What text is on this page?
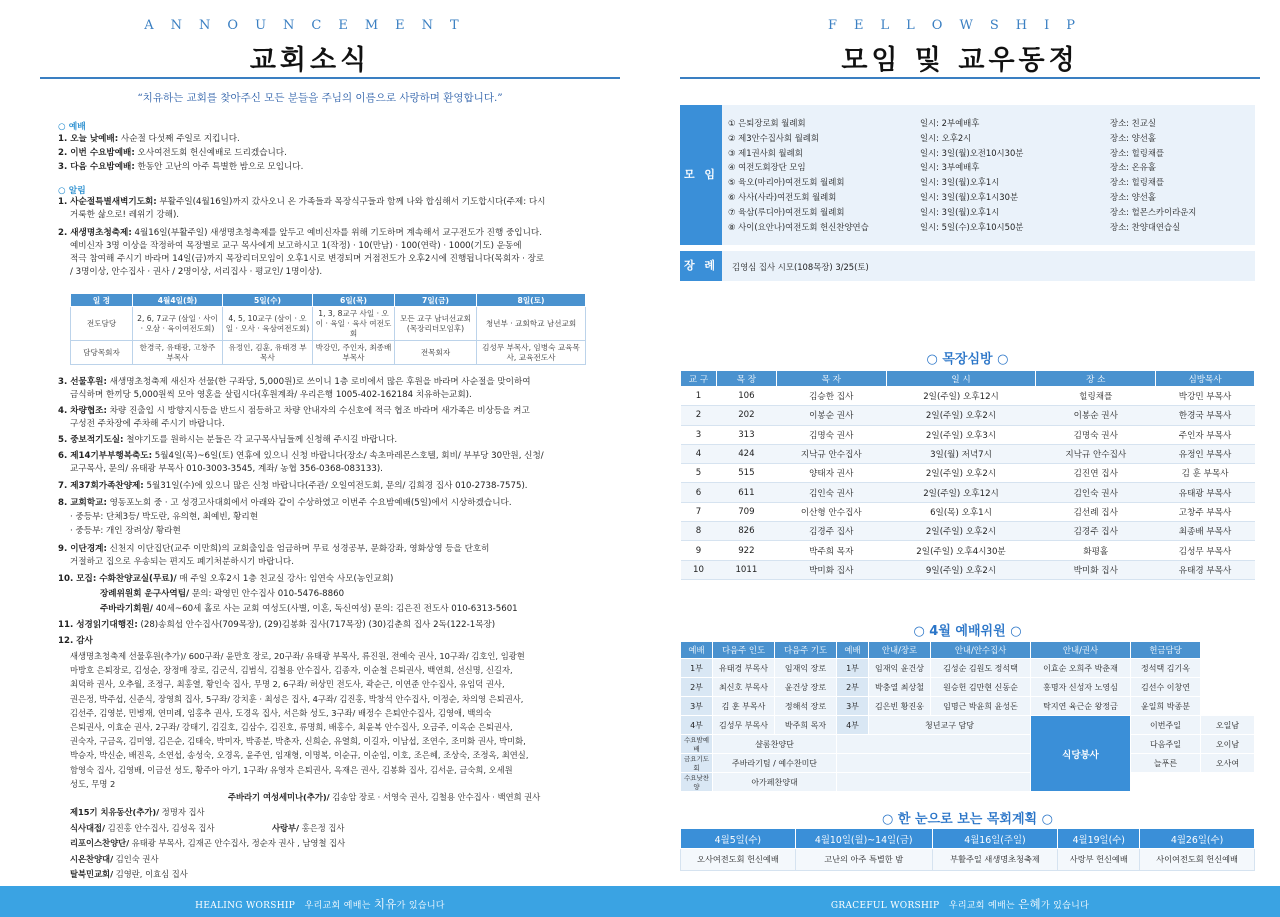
ANNOUNCEMENT
교회소식
“치유하는 교회를 찾아주신 모든 분들을 주님의 이름으로 사랑하며 환영합니다.”
○ 예배
1. 오늘 낮예배: 사순절 다섯째 주일로 지킵니다.
2. 이번 수요밤예배: 오사여전도회 헌신예배로 드리겠습니다.
3. 다음 수요밤예배: 한동안 고난의 아주 특별한 밤으로 모입니다.
○ 알림
1. 사순절특별새벽기도회: 부활주일(4월16일)까지 갔사오니 온 가족들과 목장식구들과 함께 나와 합심해서 기도합시다(주제: 다시
거룩한 삶으로! 레위기 강해).
2. 새생명초청축제: 4월16일(부활주일) 새생명초청축제를 앞두고 예비신자를 위해 기도하며 계속해서 교구전도가 진행 중입니다.
예비신자 3명 이상을 작정하여 목장별로 교구 목사에게 보고하시고 1(작정) · 10(만남) · 100(연락) · 1000(기도) 운동에
적극 참여해 주시기 바라며 14일(금)까지 목장리더모임이 오후1시로 변경되며 거점전도가 오후2시에 진행됩니다(목회자 · 장로
/ 3명이상, 안수집사 · 권사 / 2명이상, 서리집사 · 평교인/ 1명이상).
일 정	4월4일(화)	5일(수)	6일(목)	7일(금)	8일(토)
전도담당	2, 6, 7교구 (삼일 · 사이 · 오삼 · 육이여전도회)	4, 5, 10교구 (삼이 · 오일 · 오사 · 육삼여전도회)	1, 3, 8교구 사일 · 오이 · 육일 · 육사 여전도회	모든 교구 남녀선교회 (목장리더모임후)	청년부 · 교회학교 남선교회
담당목회자	한경국, 유태광, 고창주 부목사	유정인, 김훈, 유태경 부목사	박강민, 주인자, 최종배 부목사	전목회자	김성무 부목사, 임병숙 교육목사, 교육전도사
3. 선물후원: 새생명초청축제 새신자 선물(한 구좌당, 5,000원)로 쓰이니 1층 로비에서 많은 후원을 바라며 사순절을 맞이하여
금식하며 한끼당 5,000원씩 모아 영혼을 살립시다(후원계좌/ 우리은행 1005-402-162184 치유하는교회).
4. 차량협조: 차량 진출입 시 방향지시등을 반드시 점등하고 차량 안내자의 수신호에 적극 협조 바라며 새가족은 비상등을 켜고
구성전 주차장에 주차해 주시기 바랍니다.
5. 중보적기도실: 철야기도를 원하시는 분들은 각 교구목사님들께 신청해 주시길 바랍니다.
6. 제14기부부행복축도: 5월4일(목)~6일(토) 연휴에 있으니 신청 바랍니다(장소/ 속초마레몬스호텔, 회비/ 부부당 30만원, 신청/
교구목사, 문의/ 유태광 부목사 010-3003-3545, 계좌/ 농협 356-0368-083133).
7. 제37회가족찬양제: 5월31일(수)에 있으니 많은 신청 바랍니다(주관/ 오일여전도회, 문의/ 김희경 집사 010-2738-7575).
8. 교회학교: 영동포노회 중 · 고 성경고사대회에서 아래와 같이 수상하였고 이번주 수요밤예배(5일)에서 시상하겠습니다.
· 중등부: 단체3등/ 박도란, 유의현, 최예빈, 황리현
· 중등부: 개인 장려상/ 황라현
9. 이단경계: 신천지 이단집단(교주 이만희)의 교회출입을 엄금하며 무료 성경공부, 문화강좌, 영화상영 등을 단호히
거절하고 집으로 우송되는 편지도 폐기처분하시기 바랍니다.
10. 모집: 수화찬양교실(무료)/ 매 주일 오후2시 1층 친교실 강사: 임연숙 사모(농인교회)
장례위원회 운구사역팀/ 문의: 곽영민 안수집사 010-5476-8860
주바라기회원/ 40세~60세 홀로 사는 교회 여성도(사별, 이혼, 독신여성) 문의: 김은진 전도사 010-6313-5601
11. 성경읽기대행진: (28)송희섭 안수집사(709목장), (29)김봉화 집사(717목장) (30)김춘희 집사 2독(122-1목장)
12. 감사
새생명초청축제 선물후원(추가)/ 600구좌/ 윤만호 장로, 20구좌/ 유태광 부목사, 류진원, 전예숙 권사, 10구좌/ 김호인, 임광현
마방호 은퇴장로, 김성순, 장정매 장로, 김군식, 김범식, 김철용 안수집사, 김종자, 이순철 은퇴권사, 백연희, 선신명, 신길자,
최덕하 권사, 오추월, 조정구, 최홍열, 황인숙 집사, 무명 2, 6구좌/ 허상민 전도사, 곽순근, 이연준 안수집사, 유임덕 권사,
권은정, 박주섭, 신준식, 장영희 집사, 5구좌/ 강치훈 · 최성은 집사, 4구좌/ 김진홍, 박창석 안수집사, 이정순, 차의영 은퇴권사,
김선주, 김영분, 민병재, 연미례, 임홍추 권사, 도경옥 집사, 서은화 성도, 3구좌/ 배정수 은퇴안수집사, 김영애, 백의숙
은퇴권사, 이효순 권사, 2구좌/ 강태기, 김길호, 김삼수, 김진호, 류명희, 배홍수, 최윤복 안수집사, 오금주, 이옥순 은퇴권사,
권숙자, 구금옥, 김미영, 김은순, 김태숙, 박미자, 박종분, 박춘자, 신희순, 유열희, 이길자, 이남섭, 조연수, 조미화 권사, 박미화,
박승자, 박신순, 배진옥, 소연섭, 송성숙, 오경옥, 윤주연, 임재형, 이명복, 이순규, 이순임, 이호, 조은혜, 조상숙, 조정옥, 최연실,
함영숙 집사, 김영배, 이금선 성도, 황주아 아기, 1구좌/ 유영자 은퇴권사, 옥재은 권사, 김봉화 집사, 김서운, 금숙희, 오세원
성도, 무명 2
주바라기 여성세미나(추가)/ 김송암 장로 · 서영숙 권사, 김철용 안수집사 · 백연희 권사
제15기 치유동산(추가)/ 정명자 집사
식사대접/ 김진홍 안수집사, 김성옥 집사	사랑부/ 홍은정 집사
리포이스찬양단/ 유태광 부목사, 김재곤 안수집사, 정순자 권사 , 남영철 집사
시온찬양대/ 김인숙 권사
탈북민교회/ 김영란, 이효심 집사
HEALING WORSHIP 우리교회 예배는 치유가 있습니다
FELLOWSHIP
모임 및 교우동정
모 임
① 은퇴장로회 월례회	일시: 2부예배후	장소: 친교실
② 제3안수집사회 월례회	일시: 오후2시	장소: 양선홀
③ 제1권사회 월례회	일시: 3일(월)오전10시30분	장소: 힐링채플
④ 여전도회장단 모임	일시: 3부예배후	장소: 온유홀
⑤ 육오(마리아)여전도회 월례회	일시: 3일(월)오후1시	장소: 힐링채플
⑥ 사사(사라)여전도회 월례회	일시: 3일(월)오후1시30분	장소: 양선홀
⑦ 육삼(루디아)여전도회 월례회	일시: 3일(월)오후1시	장소: 헐몬스카이라운지
⑧ 사이(요안나)여전도회 헌신찬양연습	일시: 5일(수)오후10시50분	장소: 찬양대연습실
장 례	김영심 집사 시모(108목장) 3/25(토)
○ 목장심방 ○
교 구	목 장	목 자	일 시	장 소	심방목사
1	106	김승한 집사	2일(주일) 오후12시	힐링채플	박강민 부목사
2	202	이봉순 권사	2일(주일) 오후2시	이봉순 권사	한경국 부목사
3	313	김명숙 권사	2일(주일) 오후3시	김명숙 권사	주인자 부목사
4	424	지낙규 안수집사	3일(월) 저녁7시	지낙규 안수집사	유정인 부목사
5	515	양태자 권사	2일(주일) 오후2시	김진연 집사	김 훈 부목사
6	611	김인숙 권사	2일(주일) 오후12시	김인숙 권사	유태광 부목사
7	709	이산형 안수집사	6일(목) 오후1시	김선례 집사	고창주 부목사
8	826	김경주 집사	2일(주일) 오후2시	김경주 집사	최종배 부목사
9	922	박주희 목자	2일(주일) 오후4시30분	화평홀	김성무 부목사
10	1011	박미화 집사	9일(주일) 오후2시	박미화 집사	유태경 부목사
○ 4월 예배위원 ○
예배	다음주 인도	다음주 기도	예배	안내/장로	안내/안수집사	안내/권사	헌금담당	
1부	유태경 부목사	임재익 장로	1부	임재익 윤건상	김성순 김원도 정석택	이효순 오희주 박춘재	정석택 김기옥	
2부	최신호 부목사	윤건상 장로	2부	박충열 최상철	원승헌 김만현 신동순	홍명자 신성자 노영심	김선수 이창연	
3부	김 훈 부목사	정해석 장로	3부	김은빈 황진웅	임명근 박윤희 윤성돈	탁지연 육근순 왕정금	윤일희 박종분	
4부	김성무 부목사	박주희 목자	4부	청년교구 담당		식당봉사	이번주일	오일남
수요밤예배	샬롬찬양단						다음주일	오이남
금요기도회	주바라기팀 / 예수찬미단						늘푸른	오사여
수요낮찬양	아가페찬양대							
○ 한 눈으로 보는 목회계획 ○
4월5일(수)	4월10일(월)~14일(금)	4월16일(주일)	4월19일(수)	4월26일(수)
오사여전도회 헌신예배	고난의 아주 특별한 밤	부활주일 새생명초청축제	사랑부 헌신예배	사이여전도회 헌신예배
GRACEFUL WORSHIP 우리교회 예배는 은혜가 있습니다
